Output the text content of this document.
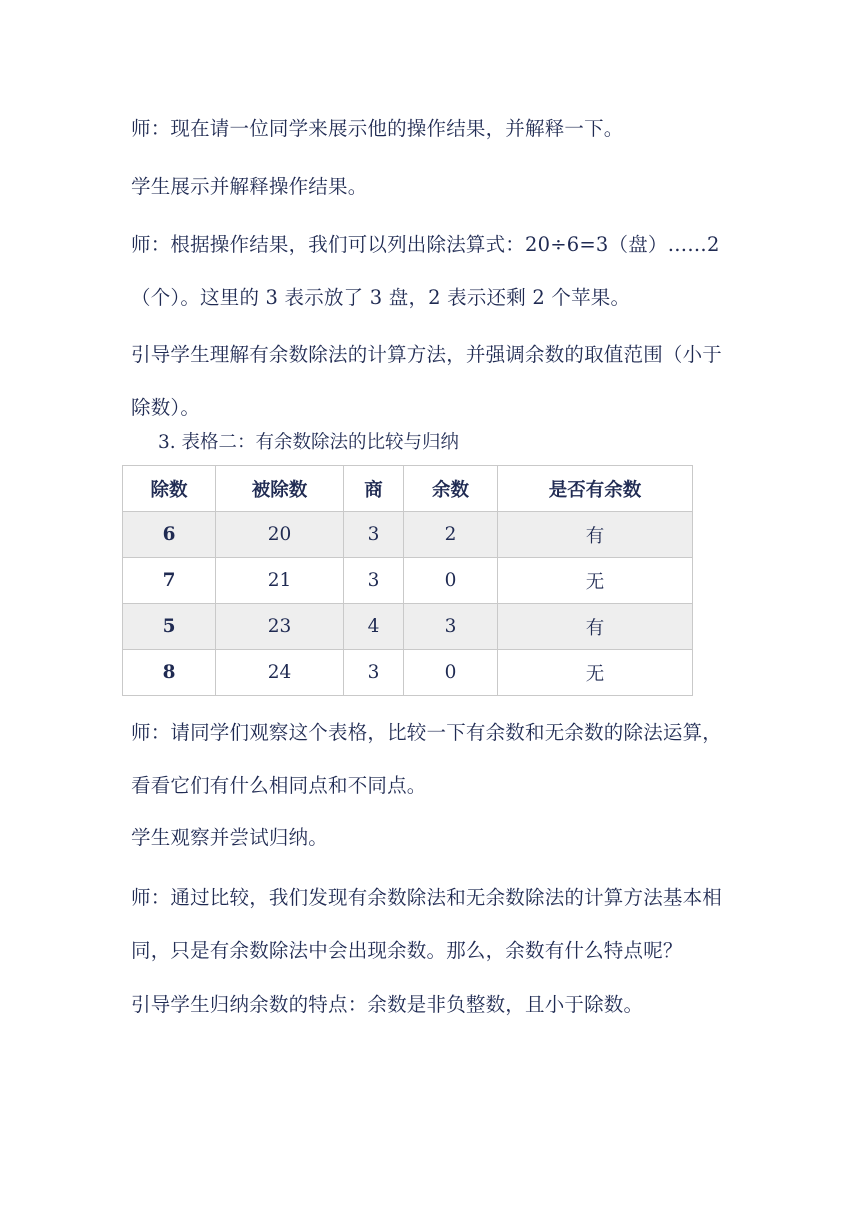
师：现在请一位同学来展示他的操作结果，并解释一下。

学生展示并解释操作结果。

师：根据操作结果，我们可以列出除法算式：20÷6=3（盘）……2（个）。这里的 3 表示放了 3 盘，2 表示还剩 2 个苹果。

引导学生理解有余数除法的计算方法，并强调余数的取值范围（小于除数）。

3. 表格二：有余数除法的比较与归纳

除数	被除数	商	余数	是否有余数
6	20	3	2	有
7	21	3	0	无
5	23	4	3	有
8	24	3	0	无

师：请同学们观察这个表格，比较一下有余数和无余数的除法运算，看看它们有什么相同点和不同点。

学生观察并尝试归纳。

师：通过比较，我们发现有余数除法和无余数除法的计算方法基本相同，只是有余数除法中会出现余数。那么，余数有什么特点呢？

引导学生归纳余数的特点：余数是非负整数，且小于除数。
